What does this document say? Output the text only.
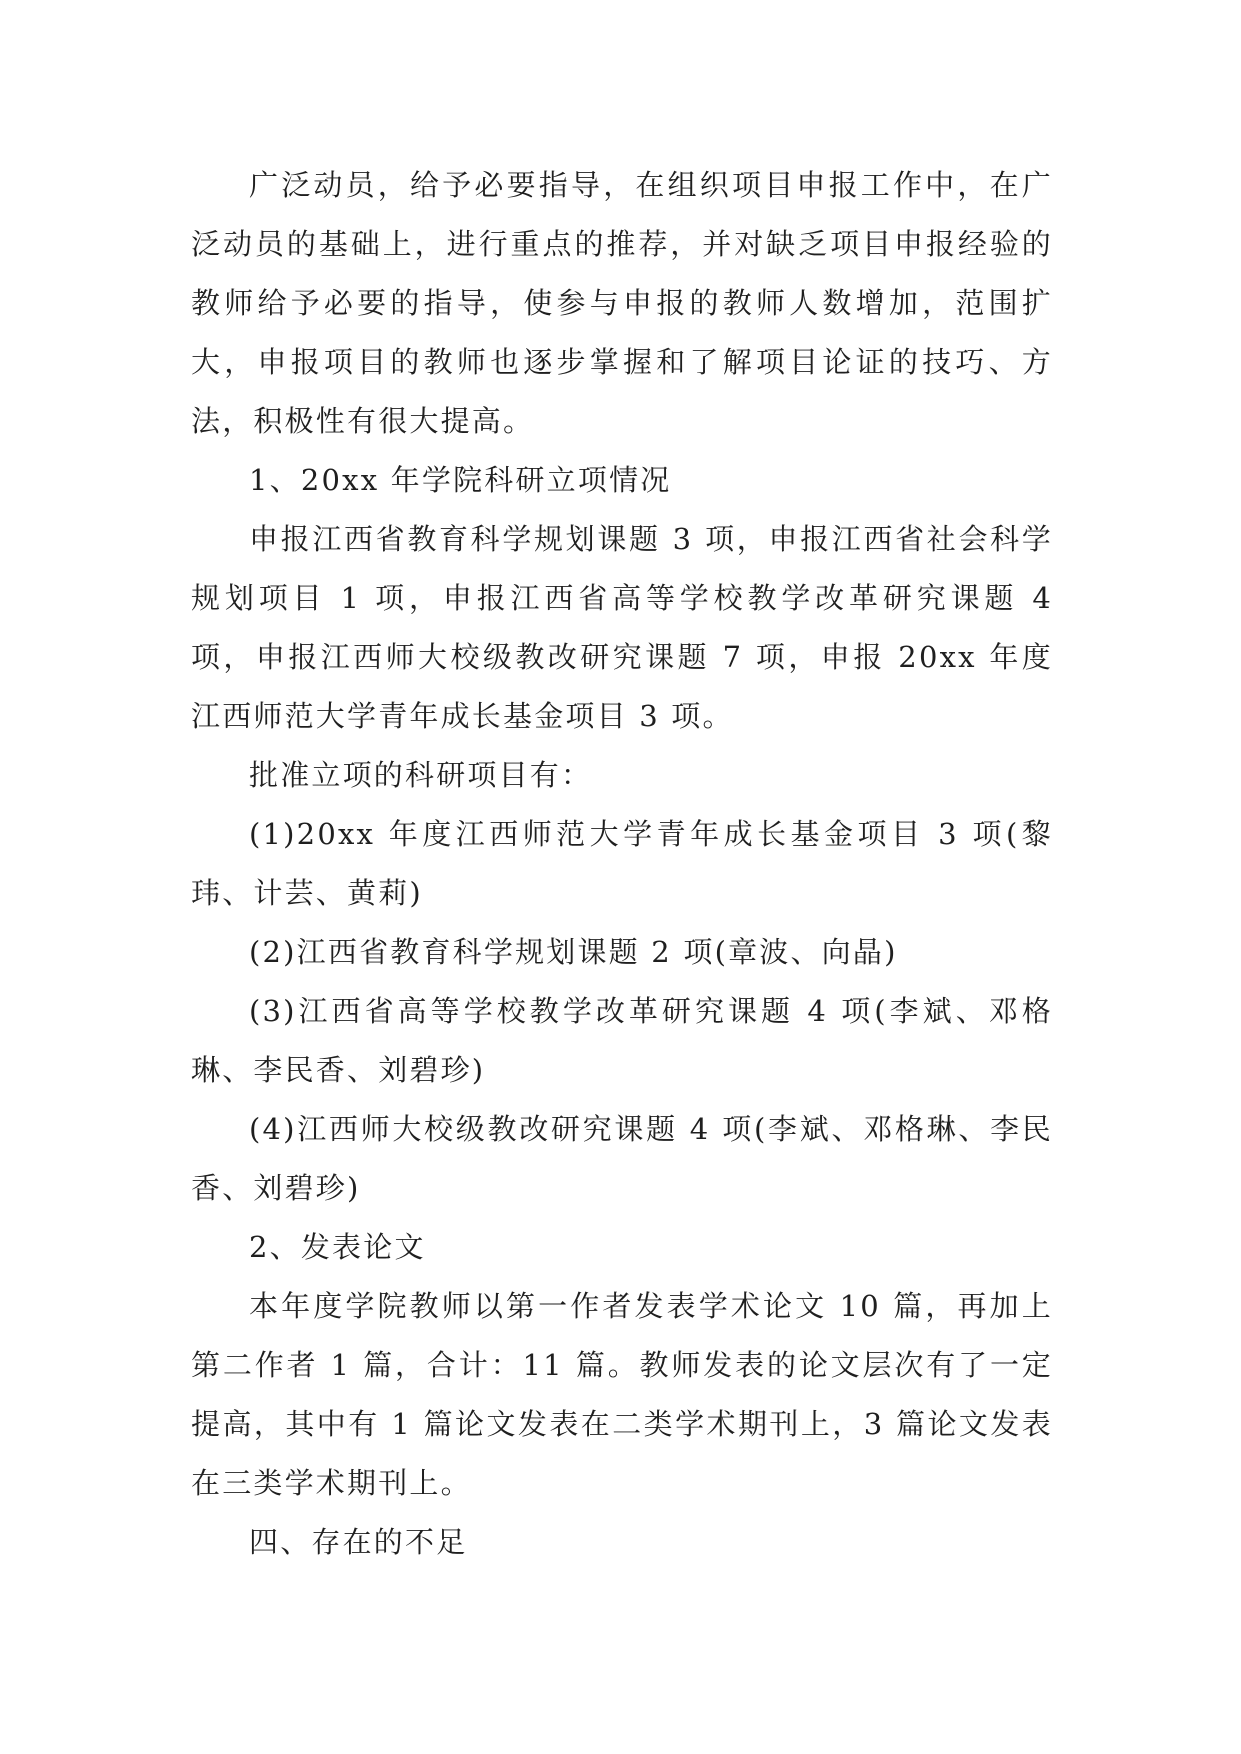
广泛动员，给予必要指导，在组织项目申报工作中，在广泛动员的基础上，进行重点的推荐，并对缺乏项目申报经验的教师给予必要的指导，使参与申报的教师人数增加，范围扩大，申报项目的教师也逐步掌握和了解项目论证的技巧、方法，积极性有很大提高。

1、20xx 年学院科研立项情况

申报江西省教育科学规划课题 3 项，申报江西省社会科学规划项目 1 项，申报江西省高等学校教学改革研究课题 4 项，申报江西师大校级教改研究课题 7 项，申报 20xx 年度江西师范大学青年成长基金项目 3 项。

批准立项的科研项目有：

(1)20xx 年度江西师范大学青年成长基金项目 3 项(黎玮、计芸、黄莉)

(2)江西省教育科学规划课题 2 项(章波、向晶)

(3)江西省高等学校教学改革研究课题 4 项(李斌、邓格琳、李民香、刘碧珍)

(4)江西师大校级教改研究课题 4 项(李斌、邓格琳、李民香、刘碧珍)

2、发表论文

本年度学院教师以第一作者发表学术论文 10 篇，再加上第二作者 1 篇，合计：11 篇。教师发表的论文层次有了一定提高，其中有 1 篇论文发表在二类学术期刊上，3 篇论文发表在三类学术期刊上。

四、存在的不足
